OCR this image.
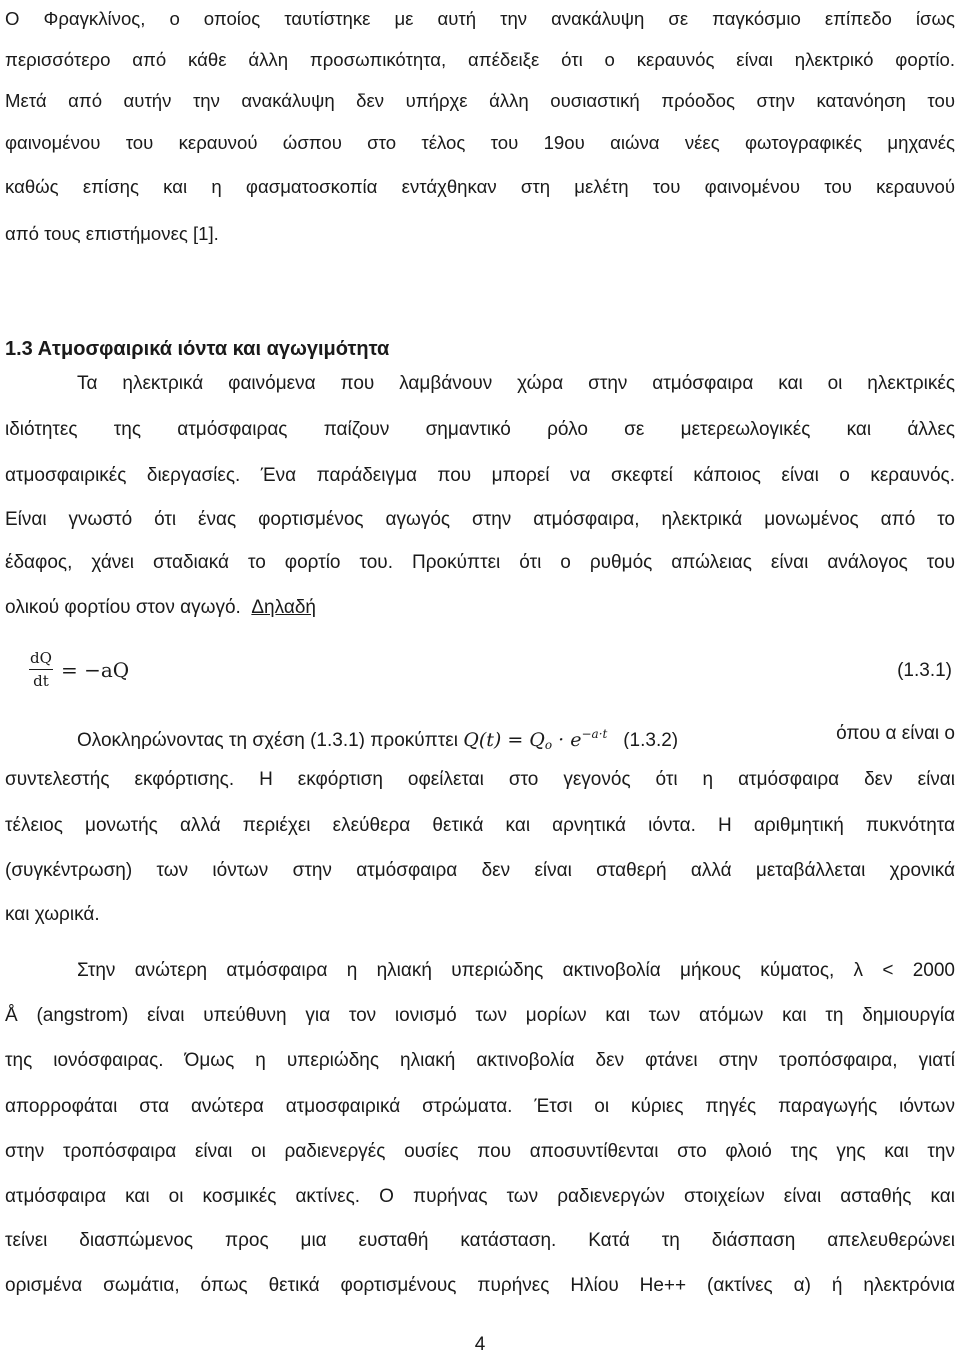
Ο Φραγκλίνος, ο οποίος ταυτίστηκε με αυτή την ανακάλυψη σε παγκόσμιο επίπεδο ίσως
περισσότερο από κάθε άλλη προσωπικότητα, απέδειξε ότι ο κεραυνός είναι ηλεκτρικό φορτίο.
Μετά από αυτήν την ανακάλυψη δεν υπήρχε άλλη ουσιαστική πρόοδος στην κατανόηση του
φαινομένου του κεραυνού ώσπου στο τέλος του 19ου αιώνα νέες φωτογραφικές μηχανές
καθώς επίσης και η φασματοσκοπία εντάχθηκαν στη μελέτη του φαινομένου του κεραυνού
από τους επιστήμονες [1].
1.3 Ατμοσφαιρικά ιόντα και αγωγιμότητα
Τα ηλεκτρικά φαινόμενα που λαμβάνουν χώρα στην ατμόσφαιρα και οι ηλεκτρικές
ιδιότητες της ατμόσφαιρας παίζουν σημαντικό ρόλο σε μετερεωλογικές και άλλες
ατμοσφαιρικές διεργασίες. Ένα παράδειγμα που μπορεί να σκεφτεί κάποιος είναι ο κεραυνός.
Είναι γνωστό ότι ένας φορτισμένος αγωγός στην ατμόσφαιρα, ηλεκτρικά μονωμένος από το
έδαφος, χάνει σταδιακά το φορτίο του. Προκύπτει ότι ο ρυθμός απώλειας είναι ανάλογος του
ολικού φορτίου στον αγωγό. Δηλαδή
$\frac{dQ}{dt} = -aQ$	(1.3.1)
Ολοκληρώνοντας τη σχέση (1.3.1) προκύπτει $Q(t) = Q_o \cdot e^{-a\cdot t}$ (1.3.2)	όπου α είναι ο
συντελεστής εκφόρτισης. Η εκφόρτιση οφείλεται στο γεγονός ότι η ατμόσφαιρα δεν είναι
τέλειος μονωτής αλλά περιέχει ελεύθερα θετικά και αρνητικά ιόντα. Η αριθμητική πυκνότητα
(συγκέντρωση) των ιόντων στην ατμόσφαιρα δεν είναι σταθερή αλλά μεταβάλλεται χρονικά
και χωρικά.
Στην ανώτερη ατμόσφαιρα η ηλιακή υπεριώδης ακτινοβολία μήκους κύματος, λ < 2000
Å (angstrom) είναι υπεύθυνη για τον ιονισμό των μορίων και των ατόμων και τη δημιουργία
της ιονόσφαιρας. Όμως η υπεριώδης ηλιακή ακτινοβολία δεν φτάνει στην τροπόσφαιρα, γιατί
απορροφάται στα ανώτερα ατμοσφαιρικά στρώματα. Έτσι οι κύριες πηγές παραγωγής ιόντων
στην τροπόσφαιρα είναι οι ραδιενεργές ουσίες που αποσυντίθενται στο φλοιό της γης και την
ατμόσφαιρα και οι κοσμικές ακτίνες. Ο πυρήνας των ραδιενεργών στοιχείων είναι ασταθής και
τείνει διασπώμενος προς μια ευσταθή κατάσταση. Κατά τη διάσπαση απελευθερώνει
ορισμένα σωμάτια, όπως θετικά φορτισμένους πυρήνες Ηλίου He++ (ακτίνες α) ή ηλεκτρόνια
4
